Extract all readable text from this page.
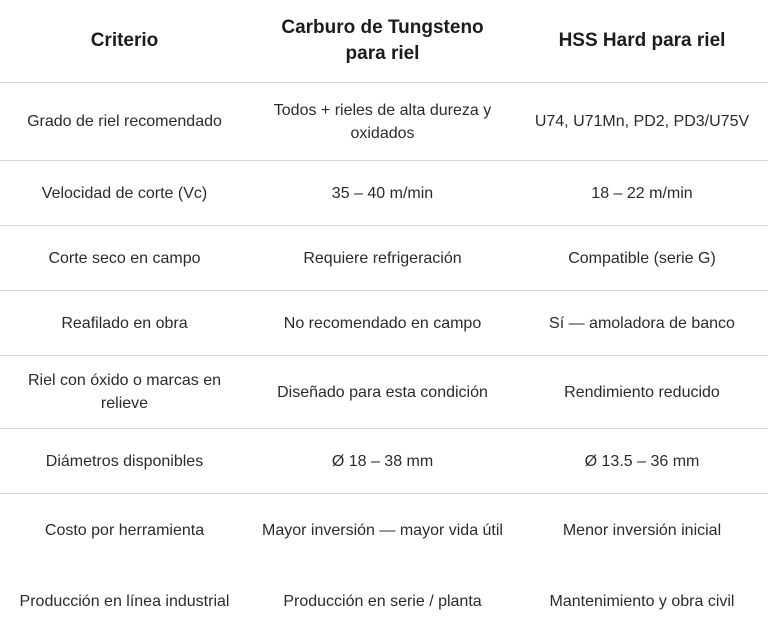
Criterio	Carburo de Tungsteno para riel	HSS Hard para riel
Grado de riel recomendado	Todos + rieles de alta dureza y oxidados	U74, U71Mn, PD2, PD3/U75V
Velocidad de corte (Vc)	35 – 40 m/min	18 – 22 m/min
Corte seco en campo	Requiere refrigeración	Compatible (serie G)
Reafilado en obra	No recomendado en campo	Sí — amoladora de banco
Riel con óxido o marcas en relieve	Diseñado para esta condición	Rendimiento reducido
Diámetros disponibles	Ø 18 – 38 mm	Ø 13.5 – 36 mm
Costo por herramienta	Mayor inversión — mayor vida útil	Menor inversión inicial
Producción en línea industrial	Producción en serie / planta	Mantenimiento y obra civil
